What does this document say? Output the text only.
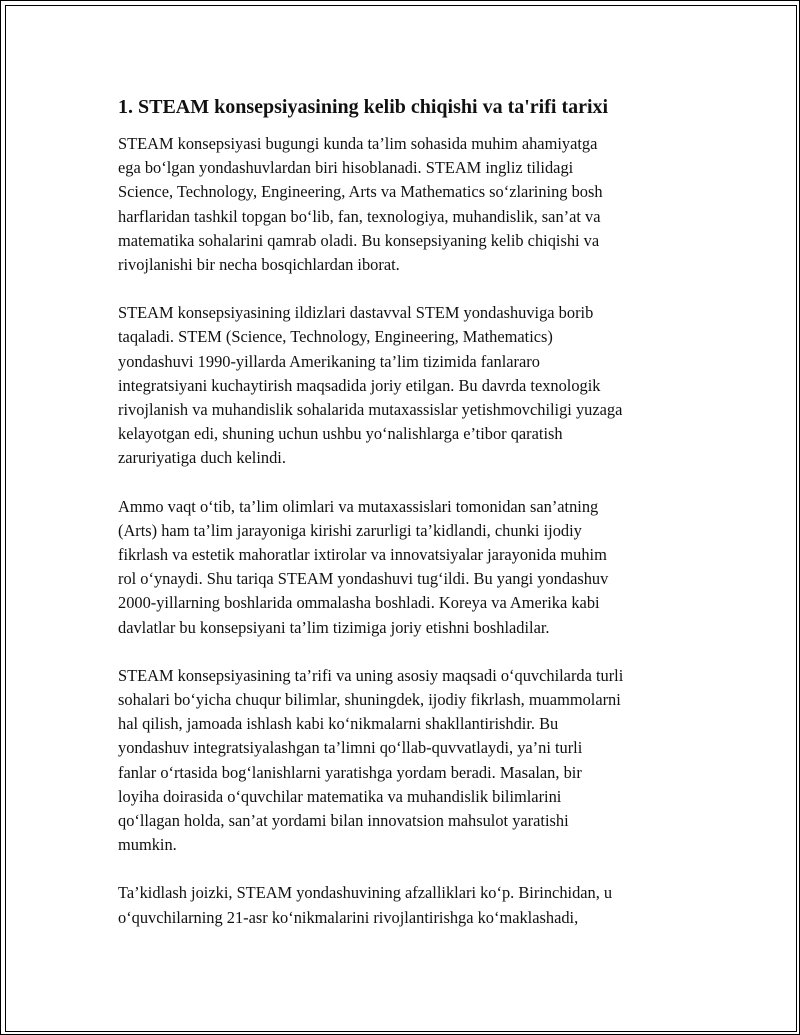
1. STEAM konsepsiyasining kelib chiqishi va ta'rifi tarixi
STEAM konsepsiyasi bugungi kunda ta’lim sohasida muhim ahamiyatga
ega bo‘lgan yondashuvlardan biri hisoblanadi. STEAM ingliz tilidagi
Science, Technology, Engineering, Arts va Mathematics so‘zlarining bosh
harflaridan tashkil topgan bo‘lib, fan, texnologiya, muhandislik, san’at va
matematika sohalarini qamrab oladi. Bu konsepsiyaning kelib chiqishi va
rivojlanishi bir necha bosqichlardan iborat.
STEAM konsepsiyasining ildizlari dastavval STEM yondashuviga borib
taqaladi. STEM (Science, Technology, Engineering, Mathematics)
yondashuvi 1990-yillarda Amerikaning ta’lim tizimida fanlararo
integratsiyani kuchaytirish maqsadida joriy etilgan. Bu davrda texnologik
rivojlanish va muhandislik sohalarida mutaxassislar yetishmovchiligi yuzaga
kelayotgan edi, shuning uchun ushbu yo‘nalishlarga e’tibor qaratish
zaruriyatiga duch kelindi.
Ammo vaqt o‘tib, ta’lim olimlari va mutaxassislari tomonidan san’atning
(Arts) ham ta’lim jarayoniga kirishi zarurligi ta’kidlandi, chunki ijodiy
fikrlash va estetik mahoratlar ixtirolar va innovatsiyalar jarayonida muhim
rol o‘ynaydi. Shu tariqa STEAM yondashuvi tug‘ildi. Bu yangi yondashuv
2000-yillarning boshlarida ommalasha boshladi. Koreya va Amerika kabi
davlatlar bu konsepsiyani ta’lim tizimiga joriy etishni boshladilar.
STEAM konsepsiyasining ta’rifi va uning asosiy maqsadi o‘quvchilarda turli
sohalari bo‘yicha chuqur bilimlar, shuningdek, ijodiy fikrlash, muammolarni
hal qilish, jamoada ishlash kabi ko‘nikmalarni shakllantirishdir. Bu
yondashuv integratsiyalashgan ta’limni qo‘llab-quvvatlaydi, ya’ni turli
fanlar o‘rtasida bog‘lanishlarni yaratishga yordam beradi. Masalan, bir
loyiha doirasida o‘quvchilar matematika va muhandislik bilimlarini
qo‘llagan holda, san’at yordami bilan innovatsion mahsulot yaratishi
mumkin.
Ta’kidlash joizki, STEAM yondashuvining afzalliklari ko‘p. Birinchidan, u
o‘quvchilarning 21-asr ko‘nikmalarini rivojlantirishga ko‘maklashadi,
